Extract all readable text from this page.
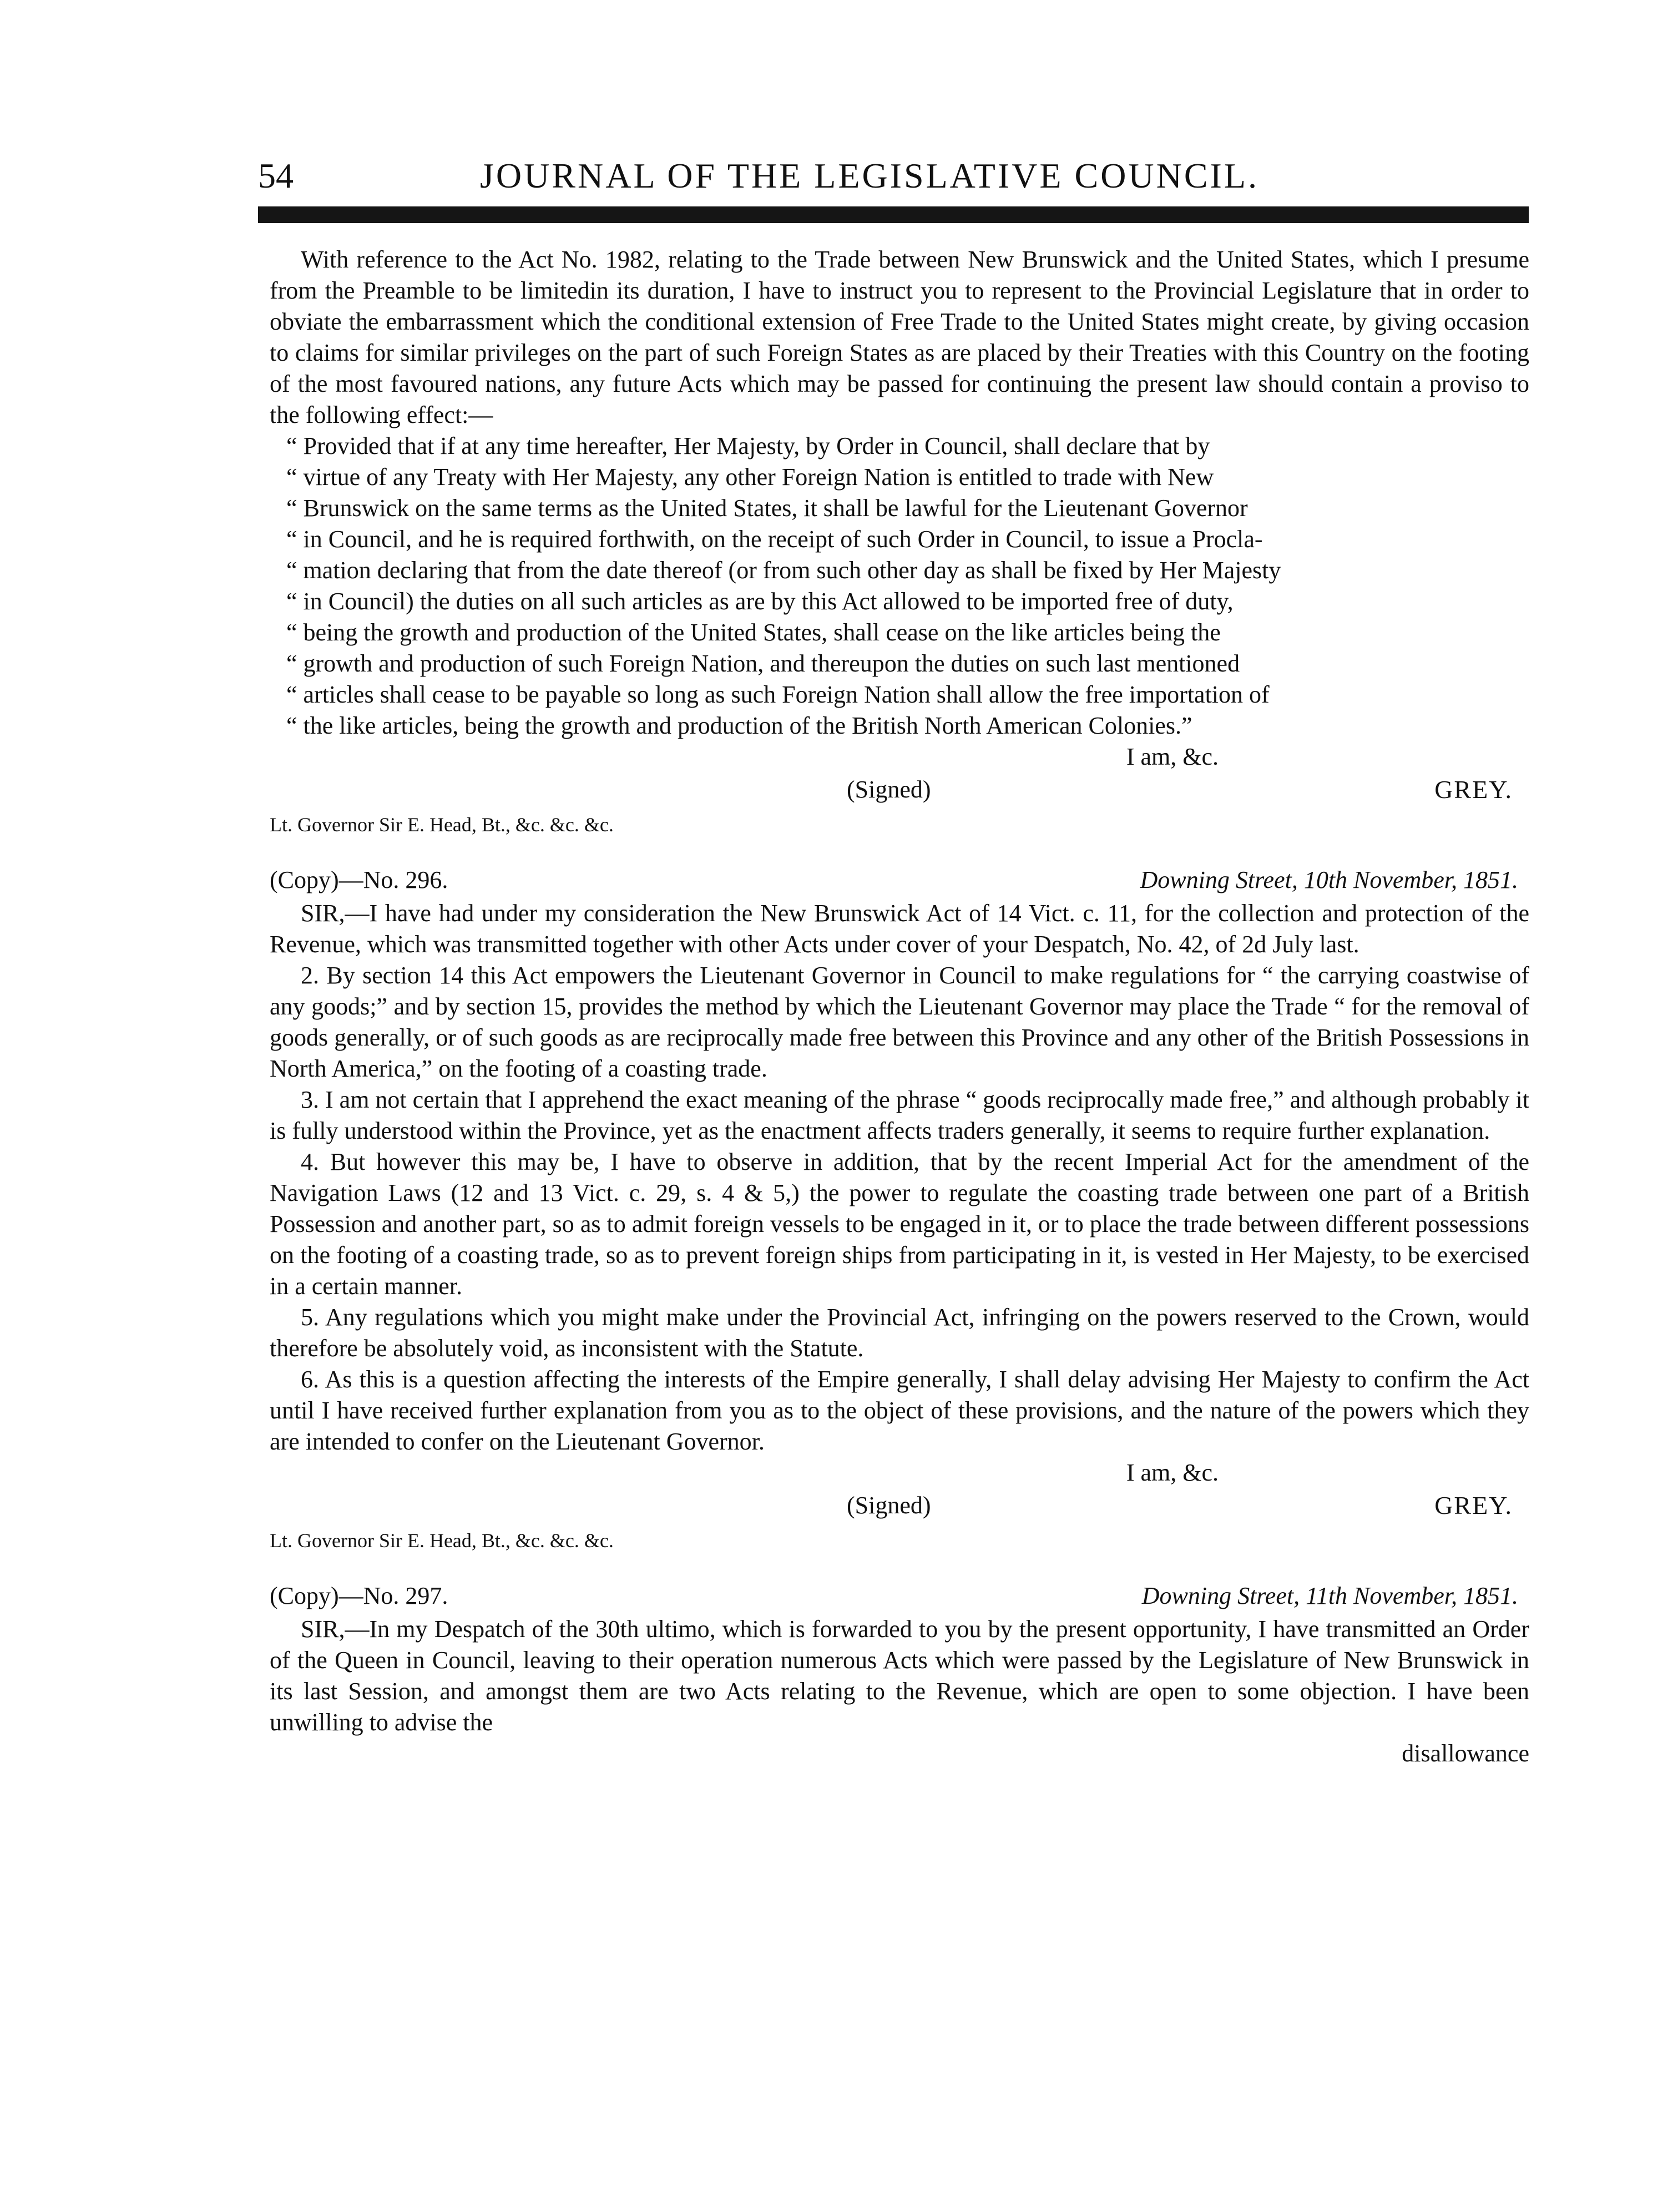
54	JOURNAL OF THE LEGISLATIVE COUNCIL.

With reference to the Act No. 1982, relating to the Trade between New Brunswick and the United States, which I presume from the Preamble to be limitedin its duration, I have to instruct you to represent to the Provincial Legislature that in order to obviate the embarrassment which the conditional extension of Free Trade to the United States might create, by giving occasion to claims for similar privileges on the part of such Foreign States as are placed by their Treaties with this Country on the footing of the most favoured nations, any future Acts which may be passed for continuing the present law should contain a proviso to the following effect:—

“ Provided that if at any time hereafter, Her Majesty, by Order in Council, shall declare that by

“ virtue of any Treaty with Her Majesty, any other Foreign Nation is entitled to trade with New

“ Brunswick on the same terms as the United States, it shall be lawful for the Lieutenant Governor

“ in Council, and he is required forthwith, on the receipt of such Order in Council, to issue a Procla-

“ mation declaring that from the date thereof (or from such other day as shall be fixed by Her Majesty

“ in Council) the duties on all such articles as are by this Act allowed to be imported free of duty,

“ being the growth and production of the United States, shall cease on the like articles being the

“ growth and production of such Foreign Nation, and thereupon the duties on such last mentioned

“ articles shall cease to be payable so long as such Foreign Nation shall allow the free importation of

“ the like articles, being the growth and production of the British North American Colonies.”

I am, &c.

(Signed)	GREY.

Lt. Governor Sir E. Head, Bt., &c. &c. &c.

(Copy)—No. 296.	Downing Street, 10th November, 1851.

SIR,—I have had under my consideration the New Brunswick Act of 14 Vict. c. 11, for the collection and protection of the Revenue, which was transmitted together with other Acts under cover of your Despatch, No. 42, of 2d July last.

2. By section 14 this Act empowers the Lieutenant Governor in Council to make regulations for “ the carrying coastwise of any goods;” and by section 15, provides the method by which the Lieutenant Governor may place the Trade “ for the removal of goods generally, or of such goods as are reciprocally made free between this Province and any other of the British Possessions in North America,” on the footing of a coasting trade.

3. I am not certain that I apprehend the exact meaning of the phrase “ goods reciprocally made free,” and although probably it is fully understood within the Province, yet as the enactment affects traders generally, it seems to require further explanation.

4. But however this may be, I have to observe in addition, that by the recent Imperial Act for the amendment of the Navigation Laws (12 and 13 Vict. c. 29, s. 4 & 5,) the power to regulate the coasting trade between one part of a British Possession and another part, so as to admit foreign vessels to be engaged in it, or to place the trade between different possessions on the footing of a coasting trade, so as to prevent foreign ships from participating in it, is vested in Her Majesty, to be exercised in a certain manner.

5. Any regulations which you might make under the Provincial Act, infringing on the powers reserved to the Crown, would therefore be absolutely void, as inconsistent with the Statute.

6. As this is a question affecting the interests of the Empire generally, I shall delay advising Her Majesty to confirm the Act until I have received further explanation from you as to the object of these provisions, and the nature of the powers which they are intended to confer on the Lieutenant Governor.

I am, &c.

(Signed)	GREY.

Lt. Governor Sir E. Head, Bt., &c. &c. &c.

(Copy)—No. 297.	Downing Street, 11th November, 1851.

SIR,—In my Despatch of the 30th ultimo, which is forwarded to you by the present opportunity, I have transmitted an Order of the Queen in Council, leaving to their operation numerous Acts which were passed by the Legislature of New Brunswick in its last Session, and amongst them are two Acts relating to the Revenue, which are open to some objection. I have been unwilling to advise the

disallowance
